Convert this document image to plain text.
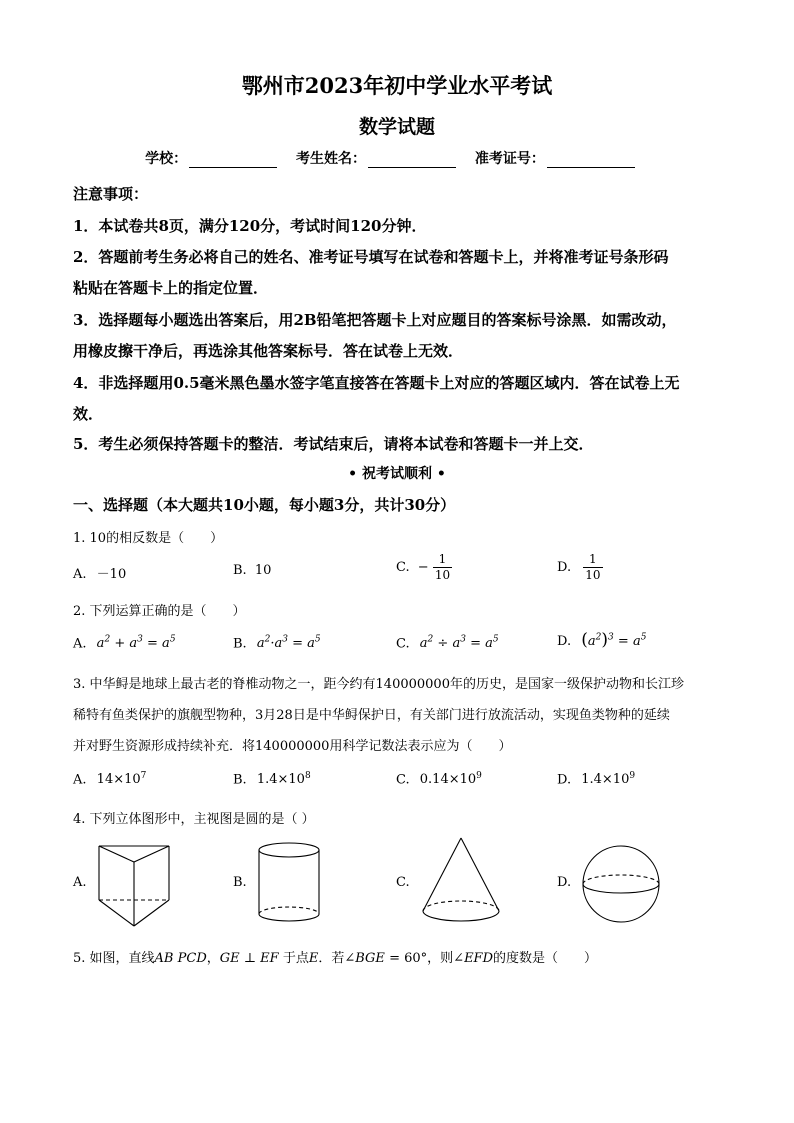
鄂州市2023年初中学业水平考试
数学试题
学校：	考生姓名：	准考证号：
注意事项：
1．本试卷共8页，满分120分，考试时间120分钟．
2．答题前考生务必将自己的姓名、准考证号填写在试卷和答题卡上，并将准考证号条形码
粘贴在答题卡上的指定位置．
3．选择题每小题选出答案后，用2B铅笔把答题卡上对应题目的答案标号涂黑．如需改动，
用橡皮擦干净后，再选涂其他答案标号．答在试卷上无效．
4．非选择题用0.5毫米黑色墨水签字笔直接答在答题卡上对应的答题区域内．答在试卷上无
效．
5．考生必须保持答题卡的整洁．考试结束后，请将本试卷和答题卡一并上交．
• 祝考试顺利 •
一、选择题（本大题共10小题，每小题3分，共计30分）
1. 10的相反数是（　　）
A. －10	B. 10	C. − $\frac{1}{10}$	D. $\frac{1}{10}$
2. 下列运算正确的是（　　）
A. $a^2 + a^3 = a^5$	B. $a^2\cdot a^3 = a^5$	C. $a^2 \div a^3 = a^5$	D. $(a^2)^3 = a^5$
3. 中华鲟是地球上最古老的脊椎动物之一，距今约有140000000年的历史，是国家一级保护动物和长江珍
稀特有鱼类保护的旗舰型物种，3月28日是中华鲟保护日，有关部门进行放流活动，实现鱼类物种的延续
并对野生资源形成持续补充．将140000000用科学记数法表示应为（　　）
A. $14\times 10^7$	B. $1.4\times 10^8$	C. $0.14\times 10^9$	D. $1.4\times 10^9$
4. 下列立体图形中，主视图是圆的是（ ）
A.	B.	C.	D.
5. 如图，直线AB PCD，GE ⊥ EF 于点E．若∠BGE = 60°，则∠EFD的度数是（　　）
